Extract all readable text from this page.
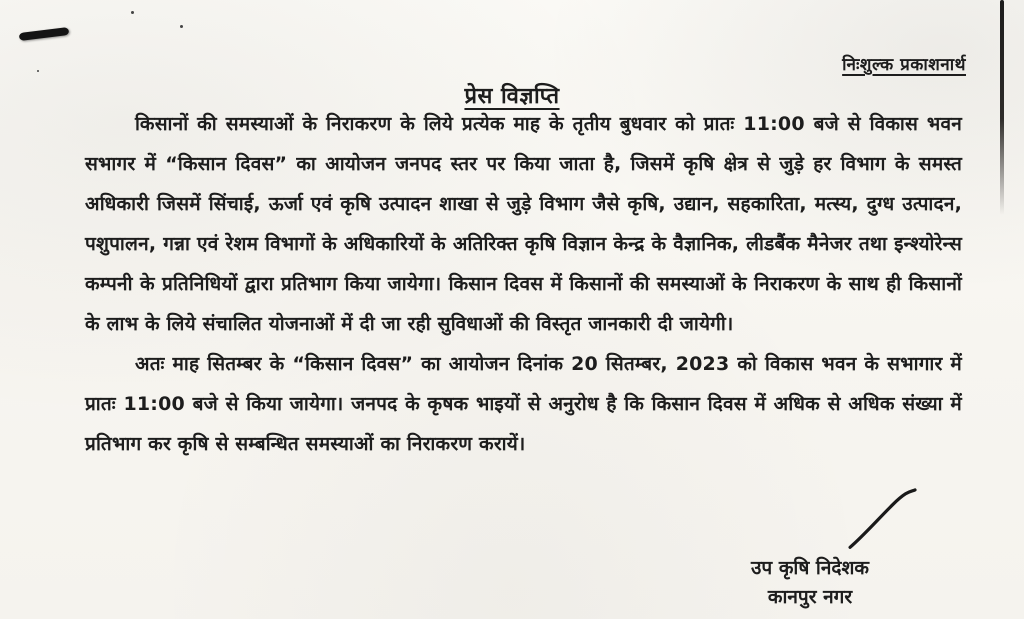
निःशुल्क प्रकाशनार्थ
प्रेस विज्ञप्ति

किसानों की समस्याओं के निराकरण के लिये प्रत्येक माह के तृतीय बुधवार को प्रातः 11:00 बजे से विकास भवन सभागर में “किसान दिवस” का आयोजन जनपद स्तर पर किया जाता है, जिसमें कृषि क्षेत्र से जुड़े हर विभाग के समस्त अधिकारी जिसमें सिंचाई, ऊर्जा एवं कृषि उत्पादन शाखा से जुड़े विभाग जैसे कृषि, उद्यान, सहकारिता, मत्स्य, दुग्ध उत्पादन, पशुपालन, गन्ना एवं रेशम विभागों के अधिकारियों के अतिरिक्त कृषि विज्ञान केन्द्र के वैज्ञानिक, लीडबैंक मैनेजर तथा इन्श्योरेन्स कम्पनी के प्रतिनिधियों द्वारा प्रतिभाग किया जायेगा। किसान दिवस में किसानों की समस्याओं के निराकरण के साथ ही किसानों के लाभ के लिये संचालित योजनाओं में दी जा रही सुविधाओं की विस्तृत जानकारी दी जायेगी।

अतः माह सितम्बर के “किसान दिवस” का आयोजन दिनांक 20 सितम्बर, 2023 को विकास भवन के सभागार में प्रातः 11:00 बजे से किया जायेगा। जनपद के कृषक भाइयों से अनुरोध है कि किसान दिवस में अधिक से अधिक संख्या में प्रतिभाग कर कृषि से सम्बन्धित समस्याओं का निराकरण करायें।

उप कृषि निदेशक
कानपुर नगर
